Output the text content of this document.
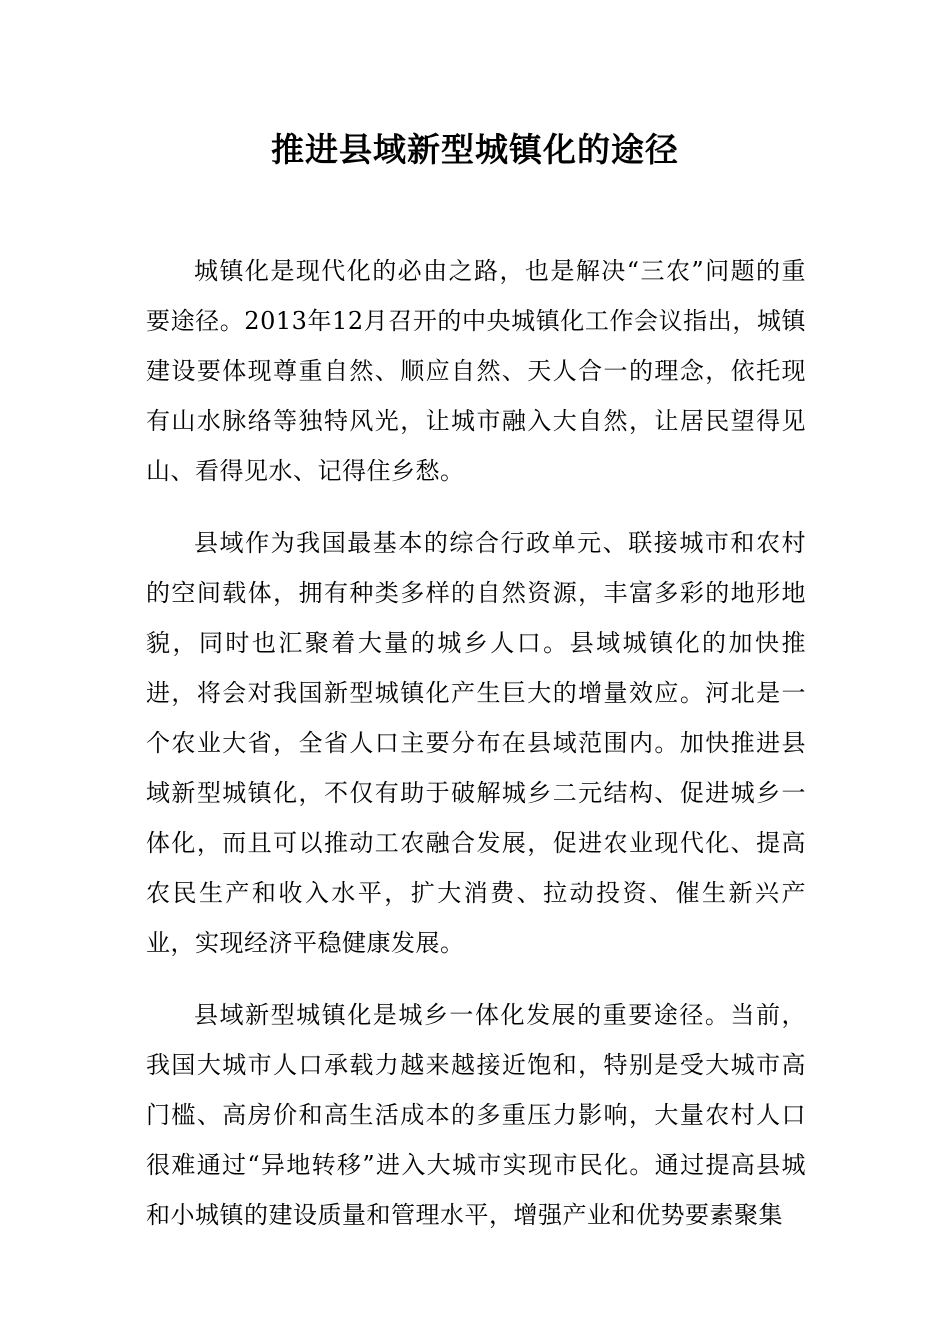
推进县域新型城镇化的途径

城镇化是现代化的必由之路，也是解决“三农”问题的重要途径。2013年12月召开的中央城镇化工作会议指出，城镇建设要体现尊重自然、顺应自然、天人合一的理念，依托现有山水脉络等独特风光，让城市融入大自然，让居民望得见山、看得见水、记得住乡愁。

县域作为我国最基本的综合行政单元、联接城市和农村的空间载体，拥有种类多样的自然资源，丰富多彩的地形地貌，同时也汇聚着大量的城乡人口。县域城镇化的加快推进，将会对我国新型城镇化产生巨大的增量效应。河北是一个农业大省，全省人口主要分布在县域范围内。加快推进县域新型城镇化，不仅有助于破解城乡二元结构、促进城乡一体化，而且可以推动工农融合发展，促进农业现代化、提高农民生产和收入水平，扩大消费、拉动投资、催生新兴产业，实现经济平稳健康发展。

县域新型城镇化是城乡一体化发展的重要途径。当前，我国大城市人口承载力越来越接近饱和，特别是受大城市高门槛、高房价和高生活成本的多重压力影响，大量农村人口很难通过“异地转移”进入大城市实现市民化。通过提高县城和小城镇的建设质量和管理水平，增强产业和优势要素聚集
